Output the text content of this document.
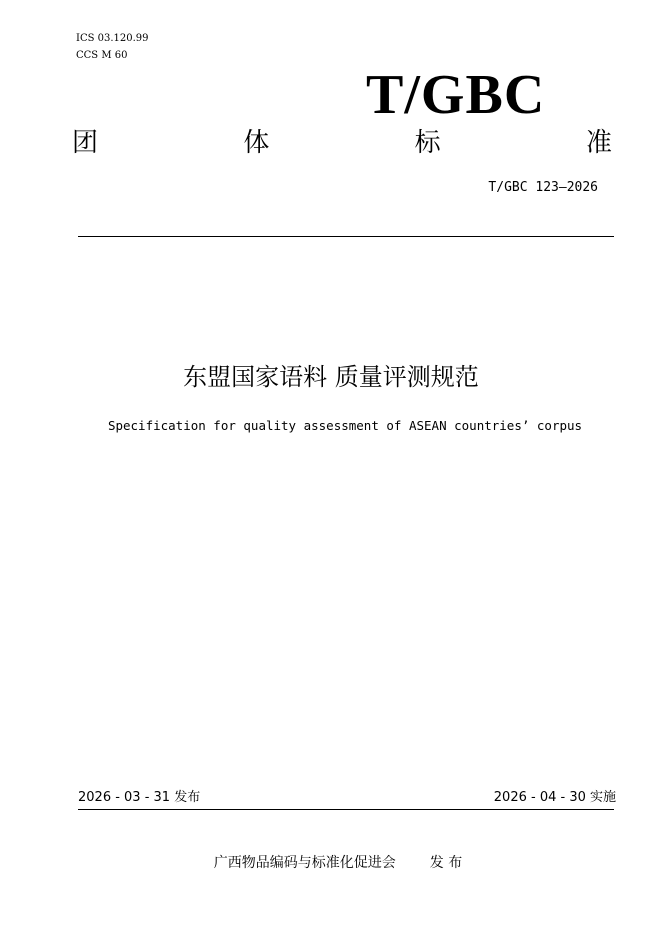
ICS 03.120.99
CCS M 60
T/GBC
团	体	标	准
T/GBC 123—2026
东盟国家语料 质量评测规范
Specification for quality assessment of ASEAN countries’ corpus
2026 - 03 - 31 发布	2026 - 04 - 30 实施
广西物品编码与标准化促进会 发 布
